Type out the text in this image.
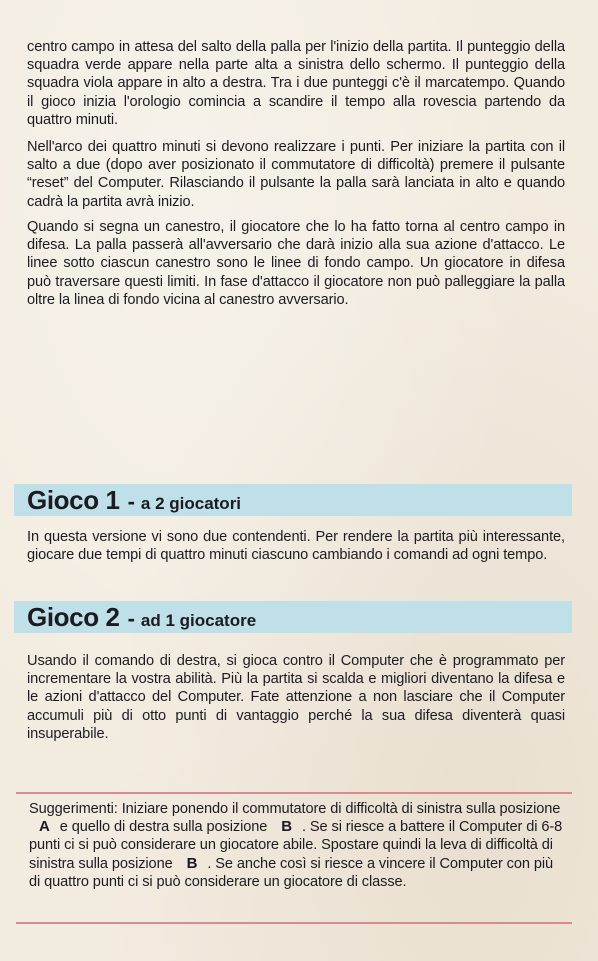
centro campo in attesa del salto della palla per l'inizio della partita. Il punteggio della squadra verde appare nella parte alta a sinistra dello schermo. Il punteggio della squadra viola appare in alto a destra. Tra i due punteggi c'è il marcatempo. Quando il gioco inizia l'orologio comincia a scandire il tempo alla rovescia partendo da quattro minuti.

Nell'arco dei quattro minuti si devono realizzare i punti. Per iniziare la partita con il salto a due (dopo aver posizionato il commutatore di difficoltà) premere il pulsante “reset” del Computer. Rilasciando il pulsante la palla sarà lanciata in alto e quando cadrà la partita avrà inizio.

Quando si segna un canestro, il giocatore che lo ha fatto torna al centro campo in difesa. La palla passerà all'avversario che darà inizio alla sua azione d'attacco. Le linee sotto ciascun canestro sono le linee di fondo campo. Un giocatore in difesa può traversare questi limiti. In fase d'attacco il giocatore non può palleggiare la palla oltre la linea di fondo vicina al canestro avversario.

Gioco 1 - a 2 giocatori

In questa versione vi sono due contendenti. Per rendere la partita più interessante, giocare due tempi di quattro minuti ciascuno cambiando i comandi ad ogni tempo.

Gioco 2 - ad 1 giocatore

Usando il comando di destra, si gioca contro il Computer che è programmato per incrementare la vostra abilità. Più la partita si scalda e migliori diventano la difesa e le azioni d'attacco del Computer. Fate attenzione a non lasciare che il Computer accumuli più di otto punti di vantaggio perché la sua difesa diventerà quasi insuperabile.

Suggerimenti: Iniziare ponendo il commutatore di difficoltà di sinistra sulla posizione A e quello di destra sulla posizione B . Se si riesce a battere il Computer di 6-8 punti ci si può considerare un giocatore abile. Spostare quindi la leva di difficoltà di sinistra sulla posizione B . Se anche così si riesce a vincere il Computer con più di quattro punti ci si può considerare un giocatore di classe.
